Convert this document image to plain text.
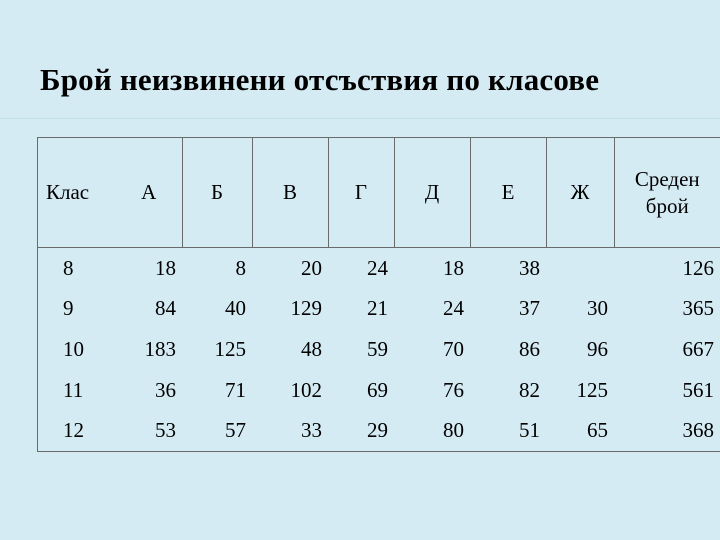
Брой неизвинени отсъствия по класове
Клас	А	Б	В	Г	Д	Е	Ж	Среден брой
8	18	8	20	24	18	38		126
9	84	40	129	21	24	37	30	365
10	183	125	48	59	70	86	96	667
11	36	71	102	69	76	82	125	561
12	53	57	33	29	80	51	65	368
